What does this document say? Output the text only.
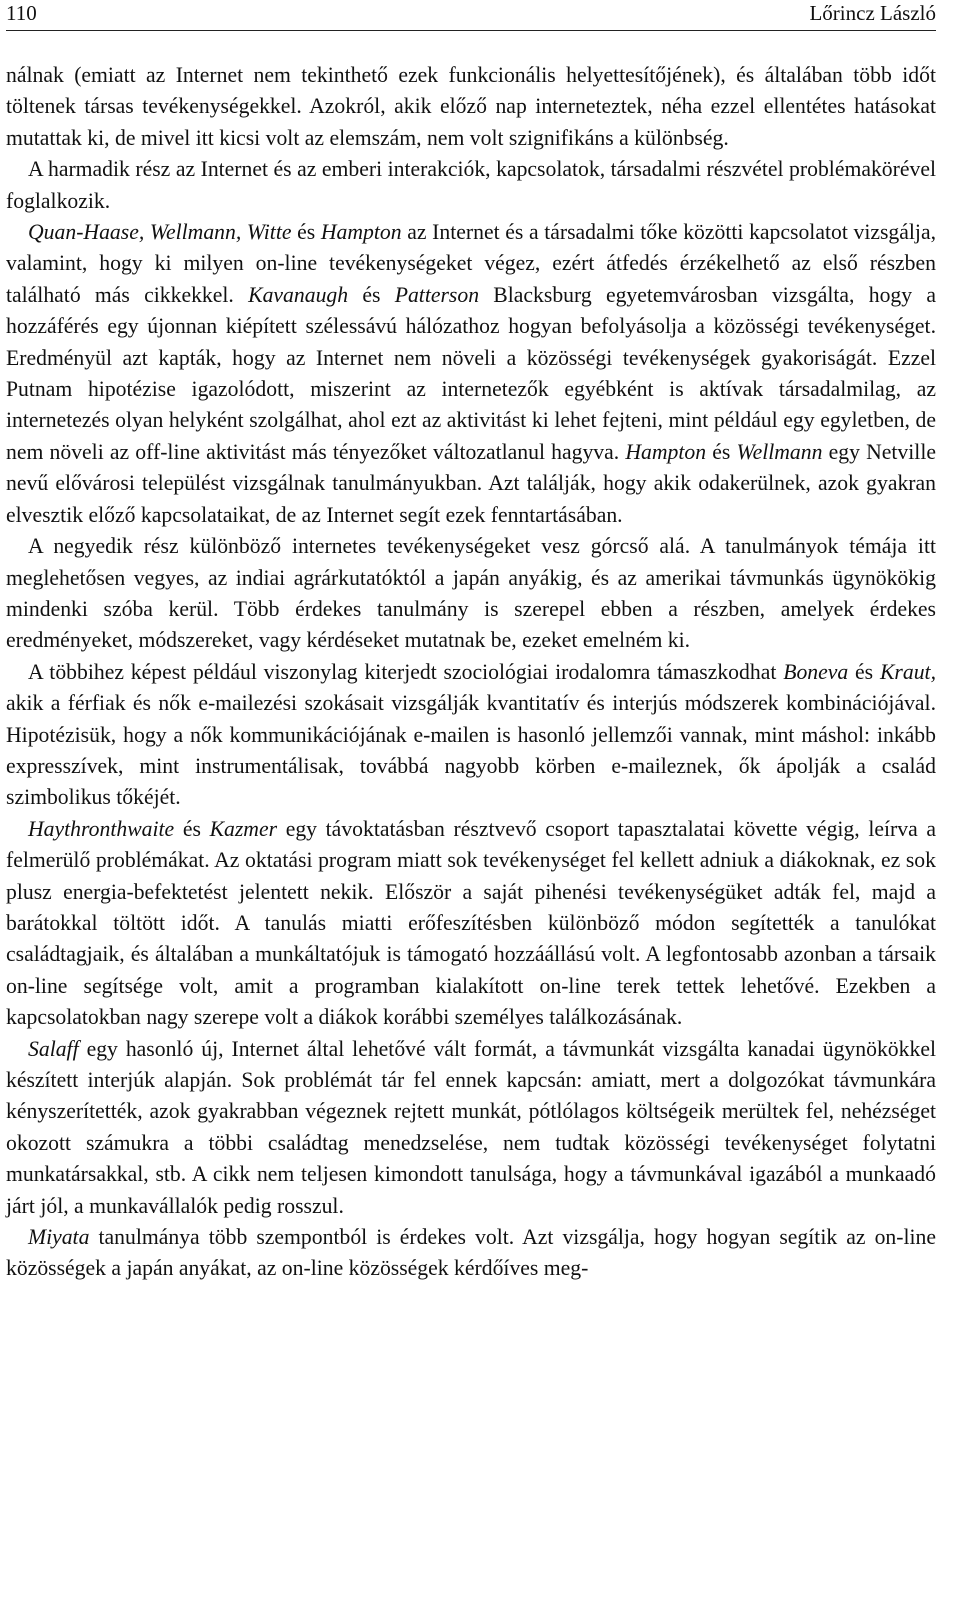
110	Lőrincz László

nálnak (emiatt az Internet nem tekinthető ezek funkcionális helyettesítőjének), és általában több időt töltenek társas tevékenységekkel. Azokról, akik előző nap interneteztek, néha ezzel ellentétes hatásokat mutattak ki, de mivel itt kicsi volt az elemszám, nem volt szignifikáns a különbség.

A harmadik rész az Internet és az emberi interakciók, kapcsolatok, társadalmi részvétel problémakörével foglalkozik.

Quan-Haase, Wellmann, Witte és Hampton az Internet és a társadalmi tőke közötti kapcsolatot vizsgálja, valamint, hogy ki milyen on-line tevékenységeket végez, ezért átfedés érzékelhető az első részben található más cikkekkel. Kavanaugh és Patterson Blacksburg egyetemvárosban vizsgálta, hogy a hozzáférés egy újonnan kiépített szélessávú hálózathoz hogyan befolyásolja a közösségi tevékenységet. Eredményül azt kapták, hogy az Internet nem növeli a közösségi tevékenységek gyakoriságát. Ezzel Putnam hipotézise igazolódott, miszerint az internetezők egyébként is aktívak társadalmilag, az internetezés olyan helyként szolgálhat, ahol ezt az aktivitást ki lehet fejteni, mint például egy egyletben, de nem növeli az off-line aktivitást más tényezőket változatlanul hagyva. Hampton és Wellmann egy Netville nevű elővárosi települést vizsgálnak tanulmányukban. Azt találják, hogy akik odakerülnek, azok gyakran elvesztik előző kapcsolataikat, de az Internet segít ezek fenntartásában.

A negyedik rész különböző internetes tevékenységeket vesz górcső alá. A tanulmányok témája itt meglehetősen vegyes, az indiai agrárkutatóktól a japán anyákig, és az amerikai távmunkás ügynökökig mindenki szóba kerül. Több érdekes tanulmány is szerepel ebben a részben, amelyek érdekes eredményeket, módszereket, vagy kérdéseket mutatnak be, ezeket emelném ki.

A többihez képest például viszonylag kiterjedt szociológiai irodalomra támaszkodhat Boneva és Kraut, akik a férfiak és nők e-mailezési szokásait vizsgálják kvantitatív és interjús módszerek kombinációjával. Hipotézisük, hogy a nők kommunikációjának e-mailen is hasonló jellemzői vannak, mint máshol: inkább expresszívek, mint instrumentálisak, továbbá nagyobb körben e-maileznek, ők ápolják a család szimbolikus tőkéjét.

Haythronthwaite és Kazmer egy távoktatásban résztvevő csoport tapasztalatai követte végig, leírva a felmerülő problémákat. Az oktatási program miatt sok tevékenységet fel kellett adniuk a diákoknak, ez sok plusz energia-befektetést jelentett nekik. Először a saját pihenési tevékenységüket adták fel, majd a barátokkal töltött időt. A tanulás miatti erőfeszítésben különböző módon segítették a tanulókat családtagjaik, és általában a munkáltatójuk is támogató hozzáállású volt. A legfontosabb azonban a társaik on-line segítsége volt, amit a programban kialakított on-line terek tettek lehetővé. Ezekben a kapcsolatokban nagy szerepe volt a diákok korábbi személyes találkozásának.

Salaff egy hasonló új, Internet által lehetővé vált formát, a távmunkát vizsgálta kanadai ügynökökkel készített interjúk alapján. Sok problémát tár fel ennek kapcsán: amiatt, mert a dolgozókat távmunkára kényszerítették, azok gyakrabban végeznek rejtett munkát, pótlólagos költségeik merültek fel, nehézséget okozott számukra a többi családtag menedzselése, nem tudtak közösségi tevékenységet folytatni munkatársakkal, stb. A cikk nem teljesen kimondott tanulsága, hogy a távmunkával igazából a munkaadó járt jól, a munkavállalók pedig rosszul.

Miyata tanulmánya több szempontból is érdekes volt. Azt vizsgálja, hogy hogyan segítik az on-line közösségek a japán anyákat, az on-line közösségek kérdőíves meg-
